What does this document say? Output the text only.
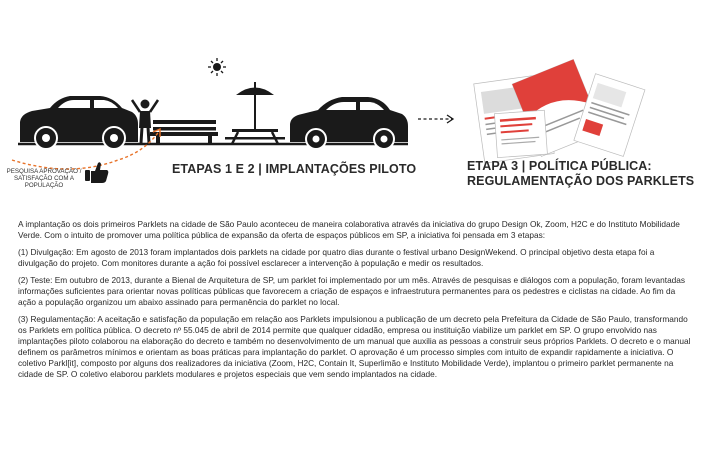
ETAPAS 1 E 2 | IMPLANTAÇÕES PILOTO	ETAPA 3 | POLÍTICA PÚBLICA:
REGULAMENTAÇÃO DOS PARKLETS
PESQUISA APROVAÇÃO /
SATISFAÇÃO COM A
POPULAÇÃO

A implantação os dois primeiros Parklets na cidade de São Paulo aconteceu de maneira colaborativa através da iniciativa do grupo Design Ok, Zoom, H2C e do Instituto Mobilidade Verde. Com o intuito de promover uma política pública de expansão da oferta de espaços públicos em SP, a iniciativa foi pensada em 3 etapas:

(1) Divulgação: Em agosto de 2013 foram implantados dois parklets na cidade por quatro dias durante o festival urbano DesignWekend. O principal objetivo desta etapa foi a divulgação do projeto. Com monitores durante a ação foi possível esclarecer a intervenção à população e medir os resultados.

(2) Teste: Em outubro de 2013, durante a Bienal de Arquitetura de SP, um parklet foi implementado por um mês. Através de pesquisas e diálogos com a população, foram levantadas informações suficientes para orientar novas políticas públicas que favorecem a criação de espaços e infraestrutura permanentes para os pedestres e ciclistas na cidade. Ao fim da ação a população organizou um abaixo assinado para permanência do parklet no local.

(3) Regulamentação: A aceitação e satisfação da população em relação aos Parklets impulsionou a publicação de um decreto pela Prefeitura da Cidade de São Paulo, transformando os Parklets em política pública. O decreto nº 55.045 de abril de 2014 permite que qualquer cidadão, empresa ou instituição viabilize um parklet em SP. O grupo envolvido nas implantações piloto colaborou na elaboração do decreto e também no desenvolvimento de um manual que auxilia as pessoas a construir seus próprios Parklets. O decreto e o manual definem os parâmetros mínimos e orientam as boas práticas para implantação do parklet. O aprovação é um processo simples com intuito de expandir rapidamente a iniciativa. O coletivo Parkl[it], composto por alguns dos realizadores da iniciativa (Zoom, H2C, Contain It, Superlimão e Instituto Mobilidade Verde), implantou o primeiro parklet permanente na cidade de SP. O coletivo elaborou parklets modulares e projetos especiais que vem sendo implantados na cidade.
